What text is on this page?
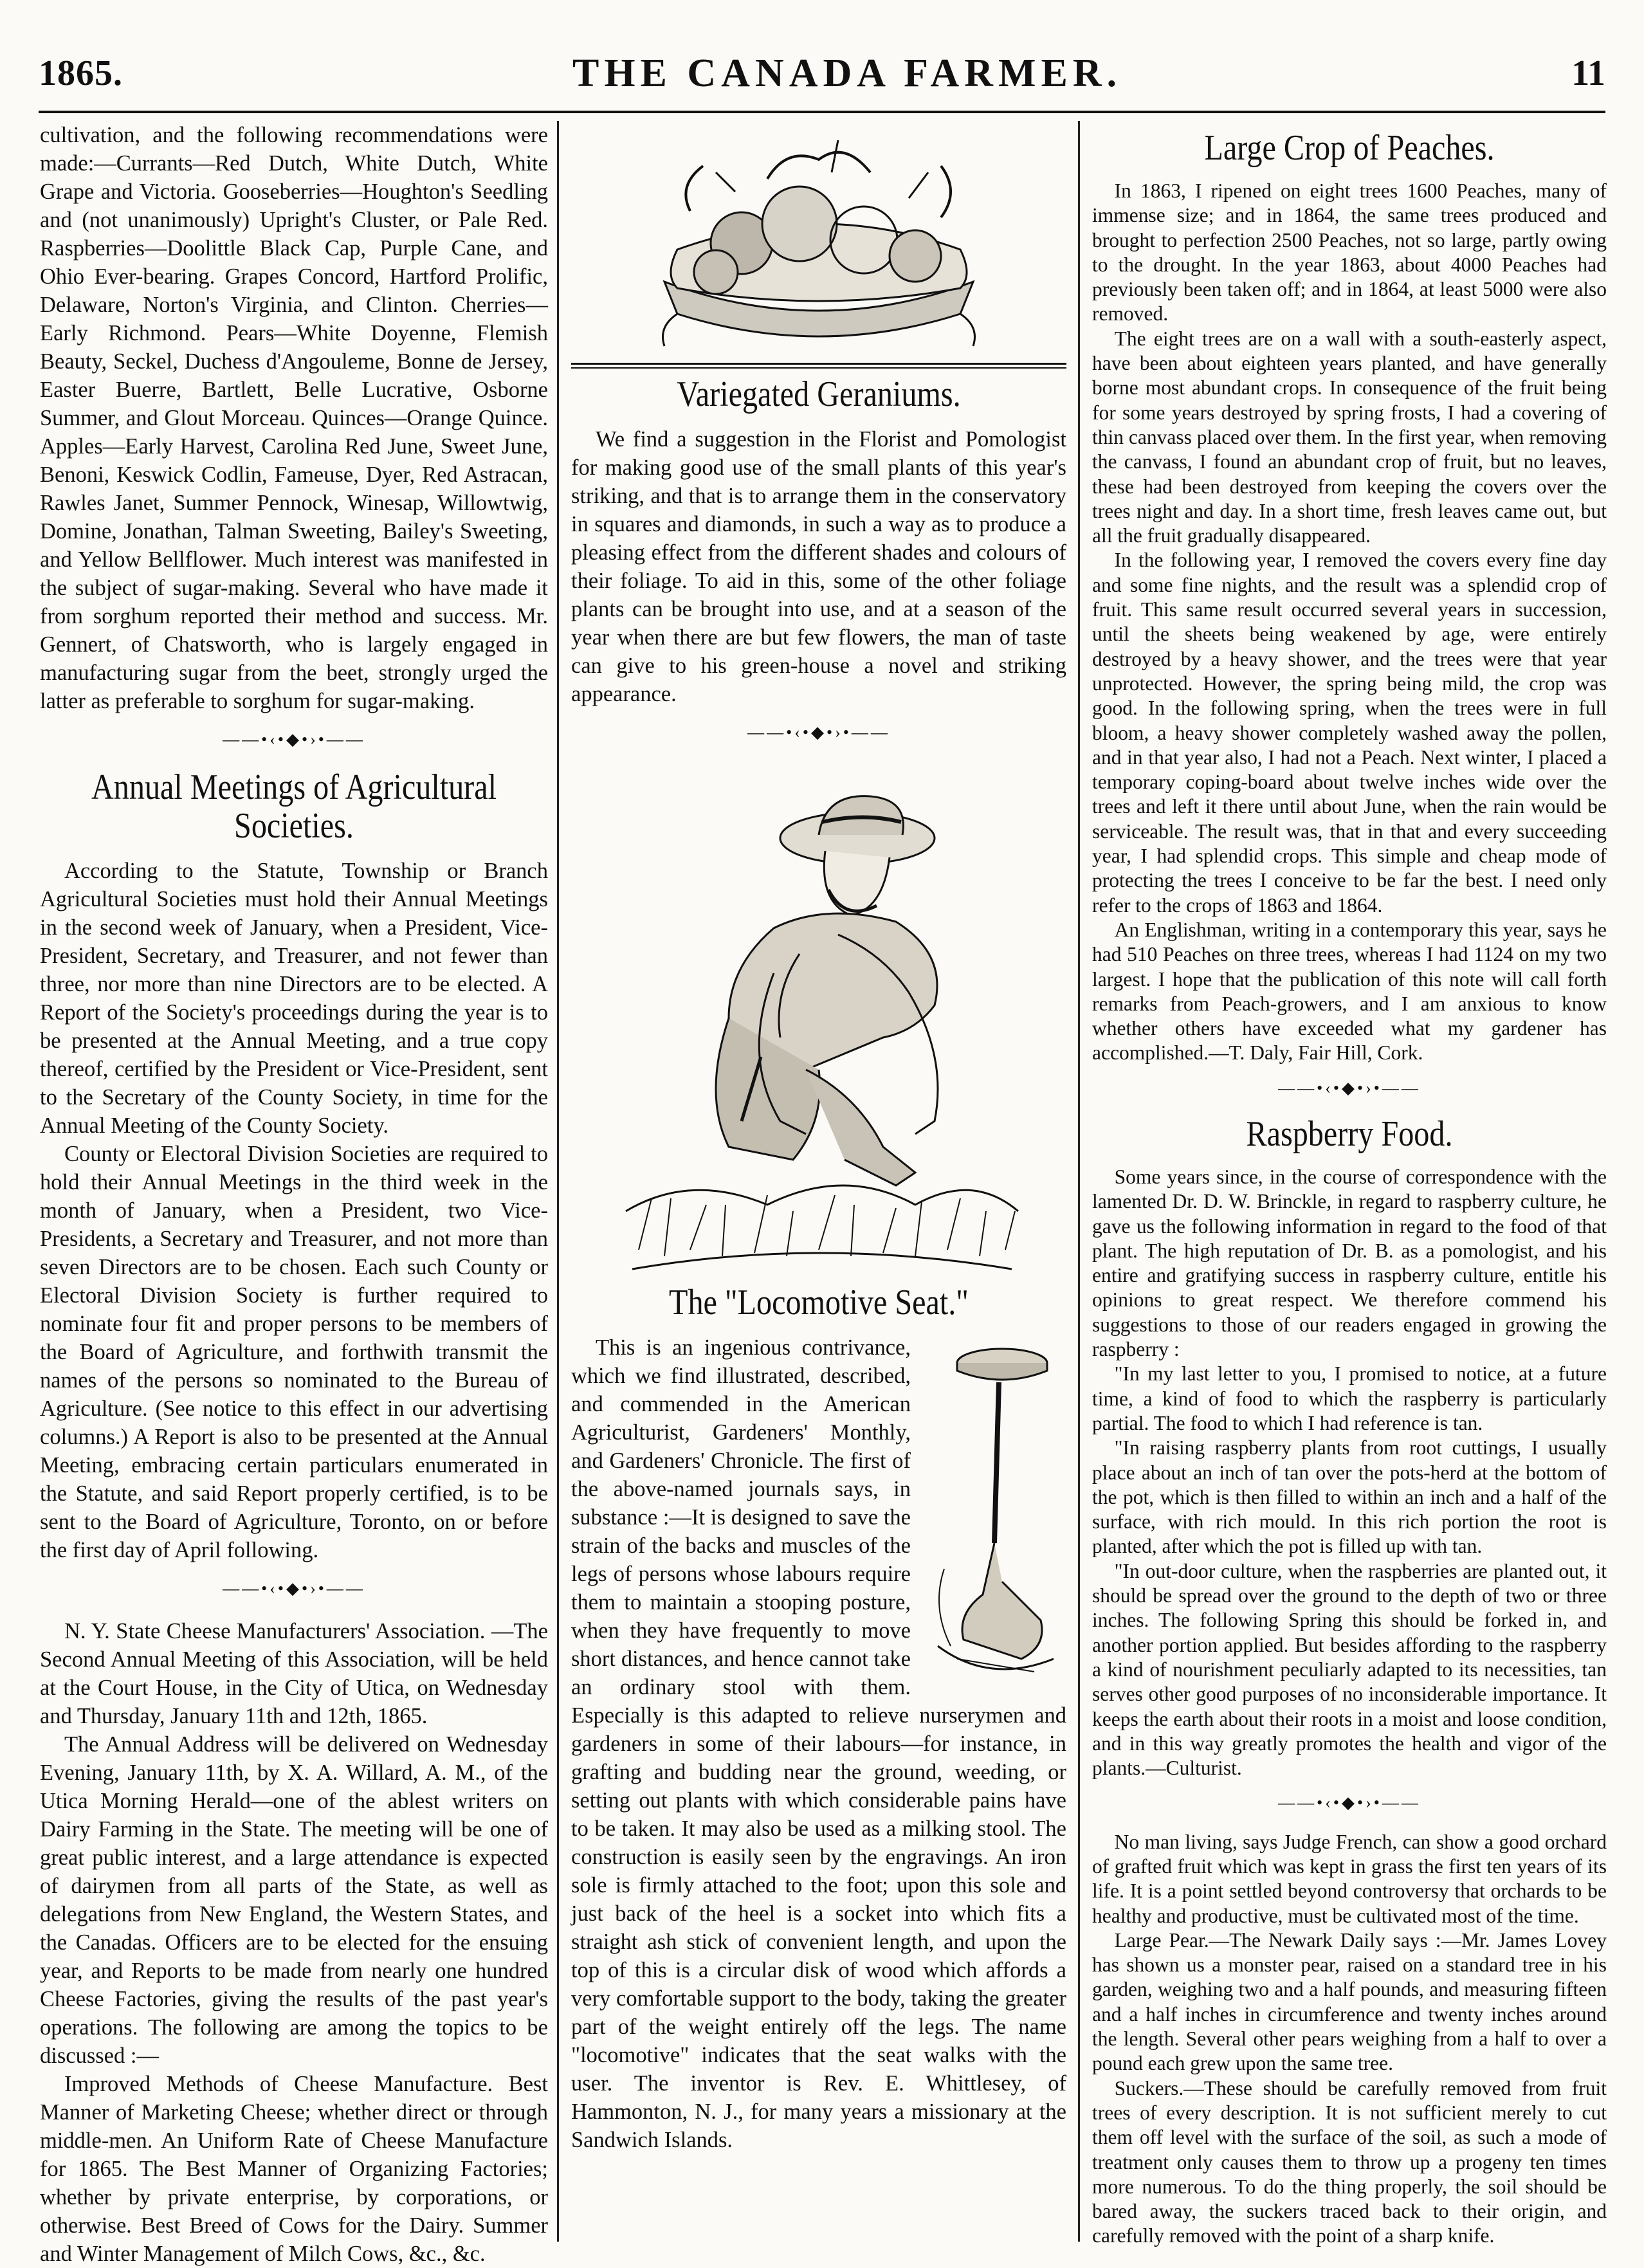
1865.	THE CANADA FARMER.	11

cultivation, and the following recommendations were made:—Currants—Red Dutch, White Dutch, White Grape and Victoria. Gooseberries—Houghton's Seedling and (not unanimously) Upright's Cluster, or Pale Red. Raspberries—Doolittle Black Cap, Purple Cane, and Ohio Ever-bearing. Grapes Concord, Hartford Prolific, Delaware, Norton's Virginia, and Clinton. Cherries—Early Richmond. Pears—White Doyenne, Flemish Beauty, Seckel, Duchess d'Angouleme, Bonne de Jersey, Easter Buerre, Bartlett, Belle Lucrative, Osborne Summer, and Glout Morceau. Quinces—Orange Quince. Apples—Early Harvest, Carolina Red June, Sweet June, Benoni, Keswick Codlin, Fameuse, Dyer, Red Astracan, Rawles Janet, Summer Pennock, Winesap, Willowtwig, Domine, Jonathan, Talman Sweeting, Bailey's Sweeting, and Yellow Bellflower. Much interest was manifested in the subject of sugar-making. Several who have made it from sorghum reported their method and success. Mr. Gennert, of Chatsworth, who is largely engaged in manufacturing sugar from the beet, strongly urged the latter as preferable to sorghum for sugar-making.

——•‹•◆•›•——
Annual Meetings of Agricultural Societies.

According to the Statute, Township or Branch Agricultural Societies must hold their Annual Meetings in the second week of January, when a President, Vice-President, Secretary, and Treasurer, and not fewer than three, nor more than nine Directors are to be elected. A Report of the Society's proceedings during the year is to be presented at the Annual Meeting, and a true copy thereof, certified by the President or Vice-President, sent to the Secretary of the County Society, in time for the Annual Meeting of the County Society.

County or Electoral Division Societies are required to hold their Annual Meetings in the third week in the month of January, when a President, two Vice-Presidents, a Secretary and Treasurer, and not more than seven Directors are to be chosen. Each such County or Electoral Division Society is further required to nominate four fit and proper persons to be members of the Board of Agriculture, and forthwith transmit the names of the persons so nominated to the Bureau of Agriculture. (See notice to this effect in our advertising columns.) A Report is also to be presented at the Annual Meeting, embracing certain particulars enumerated in the Statute, and said Report properly certified, is to be sent to the Board of Agriculture, Toronto, on or before the first day of April following.

——•‹•◆•›•——

N. Y. State Cheese Manufacturers' Association. —The Second Annual Meeting of this Association, will be held at the Court House, in the City of Utica, on Wednesday and Thursday, January 11th and 12th, 1865.

The Annual Address will be delivered on Wednesday Evening, January 11th, by X. A. Willard, A. M., of the Utica Morning Herald—one of the ablest writers on Dairy Farming in the State. The meeting will be one of great public interest, and a large attendance is expected of dairymen from all parts of the State, as well as delegations from New England, the Western States, and the Canadas. Officers are to be elected for the ensuing year, and Reports to be made from nearly one hundred Cheese Factories, giving the results of the past year's operations. The following are among the topics to be discussed :—

Improved Methods of Cheese Manufacture. Best Manner of Marketing Cheese; whether direct or through middle-men. An Uniform Rate of Cheese Manufacture for 1865. The Best Manner of Organizing Factories; whether by private enterprise, by corporations, or otherwise. Best Breed of Cows for the Dairy. Summer and Winter Management of Milch Cows, &c., &c.

Variegated Geraniums.

We find a suggestion in the Florist and Pomologist for making good use of the small plants of this year's striking, and that is to arrange them in the conservatory in squares and diamonds, in such a way as to produce a pleasing effect from the different shades and colours of their foliage. To aid in this, some of the other foliage plants can be brought into use, and at a season of the year when there are but few flowers, the man of taste can give to his green-house a novel and striking appearance.

——•‹•◆•›•——
The "Locomotive Seat."

This is an ingenious contrivance, which we find illustrated, described, and commended in the American Agriculturist, Gardeners' Monthly, and Gardeners' Chronicle. The first of the above-named journals says, in substance :—It is designed to save the strain of the backs and muscles of the legs of persons whose labours require them to maintain a stooping posture, when they have frequently to move short distances, and hence cannot take an ordinary stool with them. Especially is this adapted to relieve nurserymen and gardeners in some of their labours—for instance, in grafting and budding near the ground, weeding, or setting out plants with which considerable pains have to be taken. It may also be used as a milking stool. The construction is easily seen by the engravings. An iron sole is firmly attached to the foot; upon this sole and just back of the heel is a socket into which fits a straight ash stick of convenient length, and upon the top of this is a circular disk of wood which affords a very comfortable support to the body, taking the greater part of the weight entirely off the legs. The name "locomotive" indicates that the seat walks with the user. The inventor is Rev. E. Whittlesey, of Hammonton, N. J., for many years a missionary at the Sandwich Islands.

Large Crop of Peaches.

In 1863, I ripened on eight trees 1600 Peaches, many of immense size; and in 1864, the same trees produced and brought to perfection 2500 Peaches, not so large, partly owing to the drought. In the year 1863, about 4000 Peaches had previously been taken off; and in 1864, at least 5000 were also removed.

The eight trees are on a wall with a south-easterly aspect, have been about eighteen years planted, and have generally borne most abundant crops. In consequence of the fruit being for some years destroyed by spring frosts, I had a covering of thin canvass placed over them. In the first year, when removing the canvass, I found an abundant crop of fruit, but no leaves, these had been destroyed from keeping the covers over the trees night and day. In a short time, fresh leaves came out, but all the fruit gradually disappeared.

In the following year, I removed the covers every fine day and some fine nights, and the result was a splendid crop of fruit. This same result occurred several years in succession, until the sheets being weakened by age, were entirely destroyed by a heavy shower, and the trees were that year unprotected. However, the spring being mild, the crop was good. In the following spring, when the trees were in full bloom, a heavy shower completely washed away the pollen, and in that year also, I had not a Peach. Next winter, I placed a temporary coping-board about twelve inches wide over the trees and left it there until about June, when the rain would be serviceable. The result was, that in that and every succeeding year, I had splendid crops. This simple and cheap mode of protecting the trees I conceive to be far the best. I need only refer to the crops of 1863 and 1864.

An Englishman, writing in a contemporary this year, says he had 510 Peaches on three trees, whereas I had 1124 on my two largest. I hope that the publication of this note will call forth remarks from Peach-growers, and I am anxious to know whether others have exceeded what my gardener has accomplished.—T. Daly, Fair Hill, Cork.

——•‹•◆•›•——
Raspberry Food.

Some years since, in the course of correspondence with the lamented Dr. D. W. Brinckle, in regard to raspberry culture, he gave us the following information in regard to the food of that plant. The high reputation of Dr. B. as a pomologist, and his entire and gratifying success in raspberry culture, entitle his opinions to great respect. We therefore commend his suggestions to those of our readers engaged in growing the raspberry :

"In my last letter to you, I promised to notice, at a future time, a kind of food to which the raspberry is particularly partial. The food to which I had reference is tan.

"In raising raspberry plants from root cuttings, I usually place about an inch of tan over the pots-herd at the bottom of the pot, which is then filled to within an inch and a half of the surface, with rich mould. In this rich portion the root is planted, after which the pot is filled up with tan.

"In out-door culture, when the raspberries are planted out, it should be spread over the ground to the depth of two or three inches. The following Spring this should be forked in, and another portion applied. But besides affording to the raspberry a kind of nourishment peculiarly adapted to its necessities, tan serves other good purposes of no inconsiderable importance. It keeps the earth about their roots in a moist and loose condition, and in this way greatly promotes the health and vigor of the plants.—Culturist.

——•‹•◆•›•——

No man living, says Judge French, can show a good orchard of grafted fruit which was kept in grass the first ten years of its life. It is a point settled beyond controversy that orchards to be healthy and productive, must be cultivated most of the time.

Large Pear.—The Newark Daily says :—Mr. James Lovey has shown us a monster pear, raised on a standard tree in his garden, weighing two and a half pounds, and measuring fifteen and a half inches in circumference and twenty inches around the length. Several other pears weighing from a half to over a pound each grew upon the same tree.

Suckers.—These should be carefully removed from fruit trees of every description. It is not sufficient merely to cut them off level with the surface of the soil, as such a mode of treatment only causes them to throw up a progeny ten times more numerous. To do the thing properly, the soil should be bared away, the suckers traced back to their origin, and carefully removed with the point of a sharp knife.
